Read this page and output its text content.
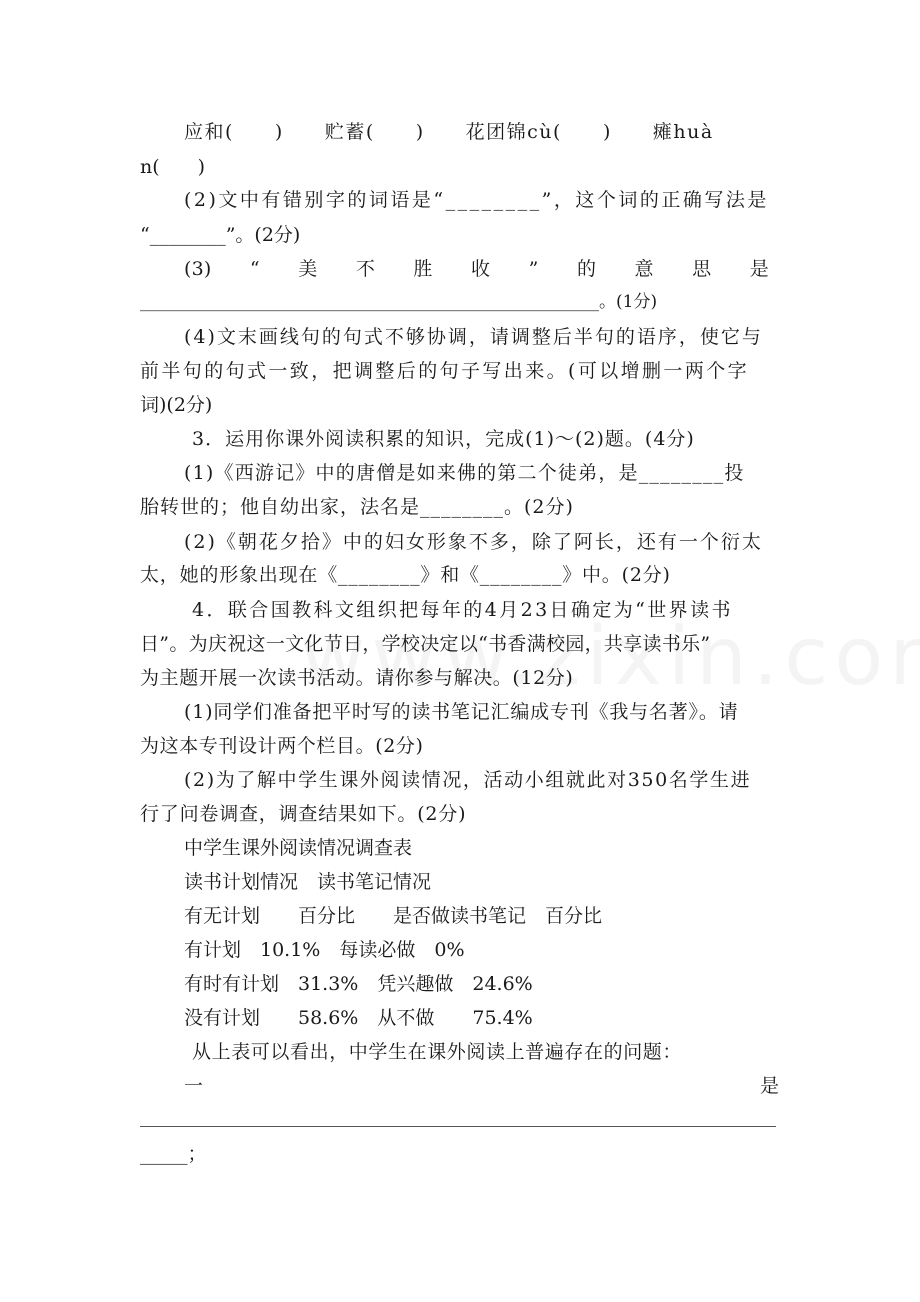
应和(　　)　　贮蓄(　　)　　花团锦cù(　　)　　瘫huà
n(　　)
(2)文中有错别字的词语是“________”，这个词的正确写法是
“________”。(2分)
(3)　　“　　美　　不　　胜　　收　　”　　的　　意　　思　　是
______________________________________________________。(1分)
(4)文末画线句的句式不够协调，请调整后半句的语序，使它与
前半句的句式一致，把调整后的句子写出来。(可以增删一两个字
词)(2分)
3．运用你课外阅读积累的知识，完成(1)～(2)题。(4分)
(1)《西游记》中的唐僧是如来佛的第二个徒弟，是________投
胎转世的；他自幼出家，法名是________。(2分)
(2)《朝花夕拾》中的妇女形象不多，除了阿长，还有一个衍太
太，她的形象出现在《________》和《________》中。(2分)
4．联合国教科文组织把每年的4月23日确定为“世界读书
日”。为庆祝这一文化节日，学校决定以“书香满校园，共享读书乐”
为主题开展一次读书活动。请你参与解决。(12分)
(1)同学们准备把平时写的读书笔记汇编成专刊《我与名著》。请
为这本专刊设计两个栏目。(2分)
(2)为了解中学生课外阅读情况，活动小组就此对350名学生进
行了问卷调查，调查结果如下。(2分)
中学生课外阅读情况调查表
读书计划情况　读书笔记情况
有无计划　　百分比　　是否做读书笔记　百分比
有计划　10.1%　每读必做　0%
有时有计划　31.3%　凭兴趣做　24.6%
没有计划　　58.6%　从不做　　75.4%
从上表可以看出，中学生在课外阅读上普遍存在的问题：
一	是
_____；
